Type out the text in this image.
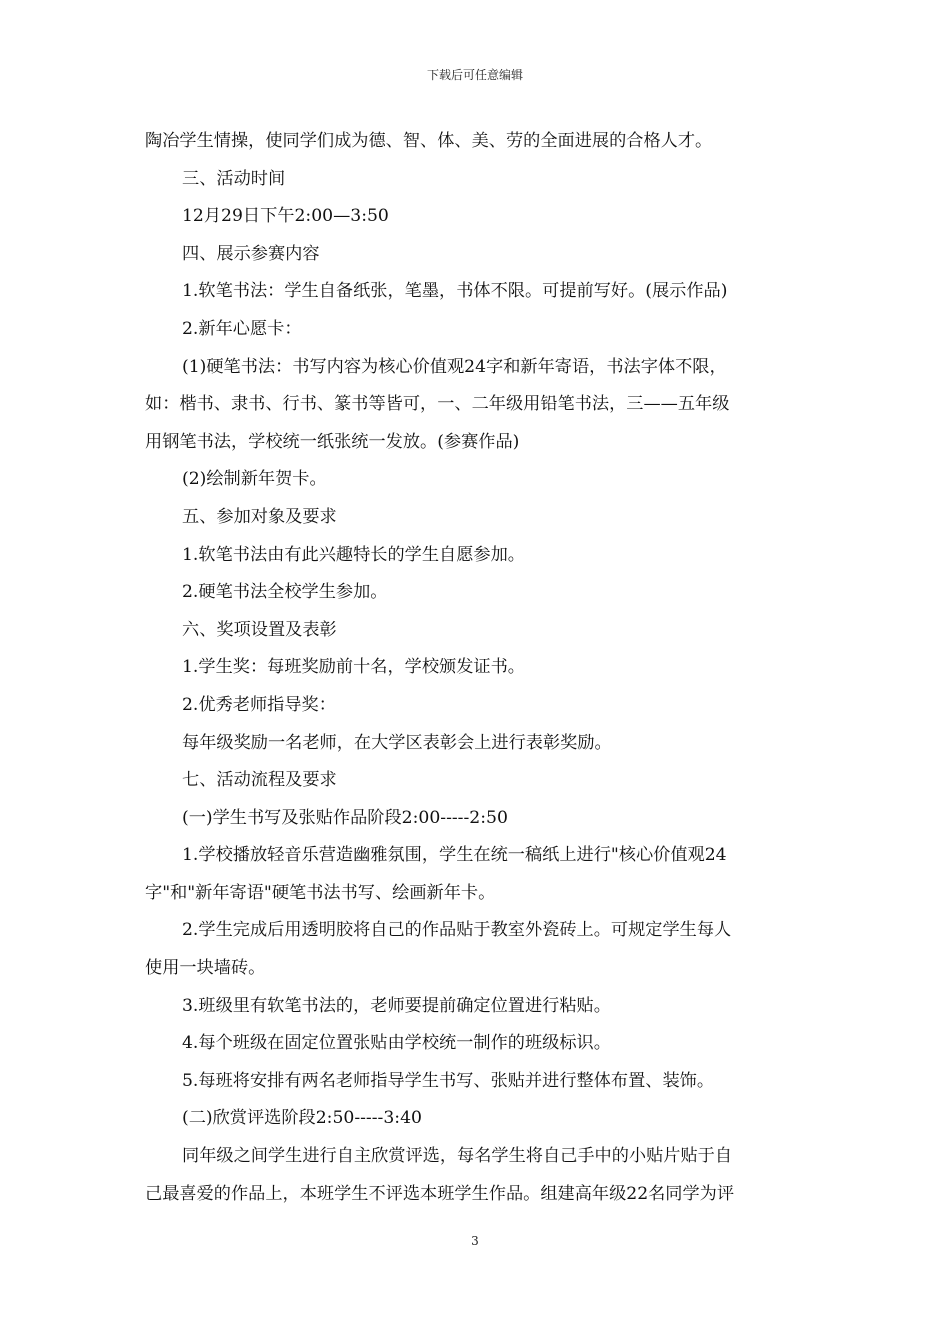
下载后可任意编辑

陶冶学生情操，使同学们成为德、智、体、美、劳的全面进展的合格人才。

三、活动时间

12月29日下午2:00—3:50

四、展示参赛内容

1.软笔书法：学生自备纸张，笔墨，书体不限。可提前写好。(展示作品)

2.新年心愿卡：

(1)硬笔书法：书写内容为核心价值观24字和新年寄语，书法字体不限，

如：楷书、隶书、行书、篆书等皆可，一、二年级用铅笔书法，三——五年级

用钢笔书法，学校统一纸张统一发放。(参赛作品)

(2)绘制新年贺卡。

五、参加对象及要求

1.软笔书法由有此兴趣特长的学生自愿参加。

2.硬笔书法全校学生参加。

六、奖项设置及表彰

1.学生奖：每班奖励前十名，学校颁发证书。

2.优秀老师指导奖：

每年级奖励一名老师，在大学区表彰会上进行表彰奖励。

七、活动流程及要求

(一)学生书写及张贴作品阶段2:00-----2:50

1.学校播放轻音乐营造幽雅氛围，学生在统一稿纸上进行"核心价值观24

字"和"新年寄语"硬笔书法书写、绘画新年卡。

2.学生完成后用透明胶将自己的作品贴于教室外瓷砖上。可规定学生每人

使用一块墙砖。

3.班级里有软笔书法的，老师要提前确定位置进行粘贴。

4.每个班级在固定位置张贴由学校统一制作的班级标识。

5.每班将安排有两名老师指导学生书写、张贴并进行整体布置、装饰。

(二)欣赏评选阶段2:50-----3:40

同年级之间学生进行自主欣赏评选，每名学生将自己手中的小贴片贴于自

己最喜爱的作品上，本班学生不评选本班学生作品。组建高年级22名同学为评

3
